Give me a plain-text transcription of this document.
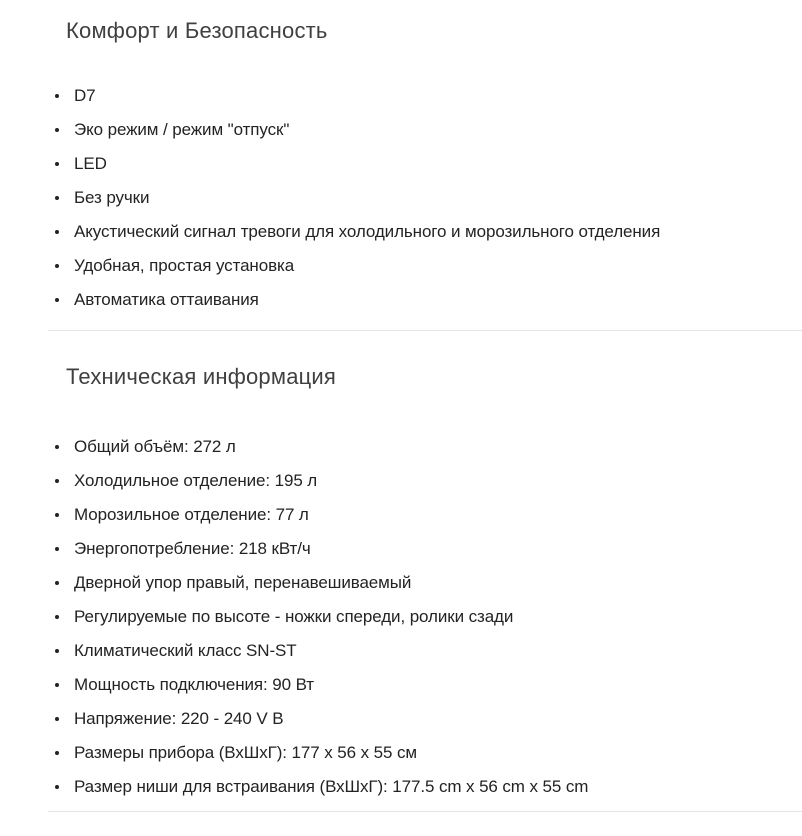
Комфорт и Безопасность
D7
Эко режим / режим "отпуск"
LED
Без ручки
Акустический сигнал тревоги для холодильного и морозильного отделения
Удобная, простая установка
Автоматика оттаивания
Техническая информация
Общий объём: 272 л
Холодильное отделение: 195 л
Морозильное отделение: 77 л
Энергопотребление: 218 кВт/ч
Дверной упор правый, перенавешиваемый
Регулируемые по высоте - ножки спереди, ролики сзади
Климатический класс SN-ST
Мощность подключения: 90 Вт
Напряжение: 220 - 240 V В
Размеры прибора (ВхШхГ): 177 x 56 x 55 см
Размер ниши для встраивания (ВхШхГ): 177.5 cm x 56 cm x 55 cm
